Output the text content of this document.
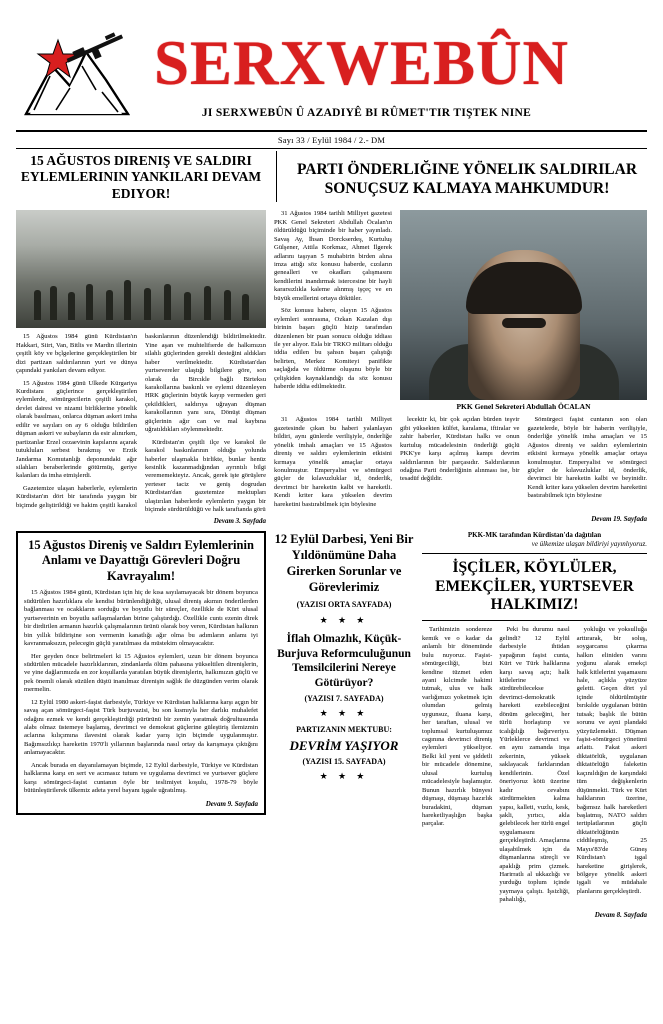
SERXWEBÛN
JI SERXWEBÛN Û AZADIYÊ BI RÛMET'TIR TIŞTEK NINE
Sayı 33 / Eylül 1984 / 2.- DM
15 AĞUSTOS DIRENIŞ VE SALDIRI EYLEMLERININ YANKILARI DEVAM EDIYOR!
PARTI ÖNDERLIĞINE YÖNELIK SALDIRILAR SONUÇSUZ KALMAYA MAHKUMDUR!

15 Ağustos 1984 günü Kürdistan'ın Hakkari, Siirt, Van, Bitlis ve Mardin illerinin çeşitli köy ve bçlgelerine gerçekleştirilen bir dizi partizan saldırılarının yurt ve dünya çapındaki yankıları devam ediyor.

15 Ağustos 1984 günü Ulkede Kürgariya Kurdistanı güçlerince gerçekleştirilen eylemlerde, sömürgecilerin çeşitli karakol, devlet dairesi ve nizami birliklerine yönelik olarak basılması, onlarca düşman askeri imha edilir ve sayıları on ay 6 olduğu bildirilen düşman askeri ve subayların da esir alınırken, partizanlar Erzel cezaevinin kapılarını açarak tutukluları serbest bırakmış ve Erzik Jandarma Komutanlığı deponundaki ağır silahları beraberlerinde götürmüş, geriye kalanları da imha etmişlerdi.

Gazetemize ulaşan haberlerle, eylemlerin Kürdistan'ın dört bir tarafında yaygın bir biçimde geliştirildiği ve hakim çeşitli karakol baskınlarının düzenlendiği bildirilmektedir. Yine aşan ve muhtelifıerde de halkımızın silahlı güçlerinden gerekli desteğini aldıkları haber verilmektedir. Kürdistan'dan yurtsevereler ulaştığı bilgilere göre, son olarak da Bircıkle bağlı Birteksu karakollarına baskınlı ve eylemi düzenleyen HRK güçlerinin büyük kayıp vermeden geri çekildikleri, saldırıya uğrayan düşman karakollarının yanı sıra, Dönüşt düşman güçlerinin ağır can ve mal kaybına uğratıldıkları söylenmektedir.

Kürdistan'ın çeşitli ilçe ve karakol ile karakol baskınlarının olduğu yolunda haberler ulaşmakla birlikte, bunlar henüz kesinlik kazanmadığından ayrıntılı bilgi verememekteyiz. Ancak, gerek işte görüşlere yerteser taciz ve geniş dogrudan Kürdistan'dan gazetemize mektupları ulaştırılan haberlerde eylemlerin yaygın bir biçimde sürdürüldüğü ve halk taraftanda görü

Devam 3. Sayfada

31 Ağustos 1984 tarihli Milliyet gazetesi PKK Genel Sekreteri Abdullah Öcalan'ın öldürüldüğü biçiminde bir haber yayınladı. Savaş Ay, İhsan Dorckserdeş, Kurtuluş Gülşener, Attila Korkmaz, Ahmet İlgerek adlarını taşıyan 5 muhabirin birden alına imza attığı söz konusu haberde, cızıların genealleri ve okadları çalışmasını kendilerini inandırmak istercesine bir hayli kararsızlıkla kaleme alınmış işçeç ve en büyük emellerini ortaya döktüler.

Söz konusu habere, olayın 15 Ağustos eylemleri sonrasına, Ozkan Kazalan dışı birinin başarı güçlü hizip tarafından düzenlenen bir puan sonucu olduğu iddiası ile yer alıyor. Esla bir TRKO militarı olduğu iddia edilen bu şahsın başarı çalıştığı belirten, Merkez Komiteyi panifikte saçlağıda ve öldürme oluşunu böyle bir çelişkiden kaynaklandığı da söz konusu haberde iddia edilmektedir.

PKK Genel Sekreteri Abdullah ÖCALAN

31 Ağustos 1984 tarihli Milliyet gazetesinde çıkan bu haberi yalanlayan bildiri, aynı günlerde verilişiyle, önderliğe yönelik imhalı amaçları ve 15 Ağustos direniş ve saldırı eylemlerinin etkisini kırmaya yönelik amaçlar ortaya konulmuştur. Emperyalist ve sömürgeci güçler de kılavuzluklar id, önderlik, devrimci bir hareketin kalbi ve hareketli. Kendi kriter kara yükselen devrim hareketini bastırabilmek için böylesine

lecektir ki, bir çok açıdan bürden teşvir gibi yüksekten külfet, karalama, iftiralar ve zahir haberler, Kürdistan halkı ve onun kurtuluş mücadelesinin önderliği güçlü PKK'ye karşı açılmış kampı devrim saldırılarının bir parçasıdır. Saldırılarının odağına Parti önderliğinin alınması ise, bir tesadüf değildir.

Sömürgeci faşist cuntanın son olan gazetelerde, böyle bir haberin verilişiyle, önderliğe yönelik imha amaçları ve 15 Ağustos direniş ve saldırı eylemlerinin etkisini kırmaya yönelik amaçlar ortaya konulmuştur. Emperyalist ve sömürgeci güçler de kılavuzluklar id, önderlik, devrimci bir hareketin kalbi ve beyinidir. Kendi kriter kara yükselen devrim hareketini bastırabilmek için böylesine

Devam 19. Sayfada
15 Ağustos Direniş ve Saldırı Eylemlerinin Anlamı ve Dayattığı Görevleri Doğru Kavrayalım!

15 Ağustos 1984 günü, Kürdistan için hiç de kısa sayılamayacak bir dönem boyunca südürülen hazırlıklara ele kendisi bürünlendiğidiği, ulusal direniş akımın önderilerden bağlanması ve ocakkların sorduğu ve boyutlu bir süreçler, özellikle de Kürt ulusal yurtseverinin en boyutlu saflaşmalardan birine çalıştırdığı. Özellikle cuntı ezenin direk bir dirdirilen armanın hazırlık çalışmalarının ürünü olarak boy veren, Kürdistan halkının bin yıllık bildirişine son vermenin kanatlığı ağır olma bu adımların anlamı iyi kavranmaksızın, pelecegin güçlü yaratılması da müstekim olmayacaktır.

Her geyden önce belirtmeleri ki 15 Ağustos eylemleri, uzun bir dönem boyunca südürülen mücadele hazırlıklarının, zindanlarda ölüm pahasına yükseltilen direnişlerin, ve yine dağlarımızda en zor koşullarda yaratılan büyük direnişlerin, halkımızın güçlü ve pek önemli olarak süzülen düştü inanılmaz direnişin sağlık ile düzgünden verim olarak mermelin.

12 Eylül 1980 askeri-faşist darbesiyle, Türkiye ve Kürdistan halklarına karşı açgın bir savaş açan sömürgeci-faşist Türk burjuvazisi, bu son kısmıyla her darlıkı muhalefet odağını ezmek ve kendi gerçekleştirdiği pürürünü bir zemin yaratmak doğrultusunda alabı olmaz üstemeye başlamış, devrimci ve demokrat güçlerine güleştiriş ilemizmin aclarına kılıçımına ilavesini olarak kadar yarış için biçimde uygulanmıştır. Bağımsızlıkçı hareketin 1970'li yıllarının başlarında nasıl ortay da karışmaya çıktığını anlamayacaktır.

Ancak burada en dayanılamayan biçimde, 12 Eylül darbesiyle, Türkiye ve Kürdistan halklarına karşı en sert ve acımasız tutum ve uygulama devrimci ve yurtsever güçlere karşı sömürgeci-faşist cuntanın öyle bir teslimiyet koşulu, 1978-79 böyle bütünleştirilerek ülkemiz adeta yerel bayanı işgale uğratılmış.

Devam 9. Sayfada
12 Eylül Darbesi, Yeni Bir Yıldönümüne Daha Girerken Sorunlar ve Görevlerimiz
(YAZISI ORTA SAYFADA)
★ ★ ★
İflah Olmazlık, Küçük-Burjuva Reformculuğunun Temsilcilerini Nereye Götürüyor?
(YAZISI 7. SAYFADA)
★ ★ ★
PARTIZANIN MEKTUBU:
DEVRİM YAŞIYOR
(YAZISI 15. SAYFADA)
★ ★ ★
PKK-MK tarafından Kürdistan'da dağıtılan
ve ülkemize ulaşan bildiriyi yayınlıyoruz.
İŞÇİLER, KÖYLÜLER, EMEKÇİLER, YURTSEVER HALKIMIZ!

Tarihimizin sondereze kemik ve o kadar da anlamlı bir dönemünde bulu nuyoruz. Faşist-sömürgeciliği, bizi kendine tüzmet eden ayani kılcimde hakimi tutmak, ulus ve halk varlığımızı yoketmek için olumdan gelmiş uygunsuz, iluana karşı, her taraftan, ulusal ve toplumsal kurtuluşumuz cagınına devrimci direniş eylemleri yükseliyor. Belki kil yeni ve şiddetli bir mücadele dönemine, ulusal kurtuluş mücadelesiyle başlamıştır. Bunun hazırlık bünyesi düşmaşı, düşmaşı hazırlık buradakini, düşman hareketliyaşlığın başka parçalar.

Peki bu durumu nasıl gelindi? 12 Eylül darbesiyle ihtidan yapağının faşist cunta, Kürt ve Türk halklarına karşı savaş açtı; halk kitlelerine sürdürebilecekse devrimci-demokratik hareketi ezebileceğini dönüm geleceğini, her türlü horlaştırıp ve tcalığılığı bağırveriyu. Yürleklerce devrimci ve en aynı zamanda inşa zekerinin, yüksek saklayacak farklarından kendilerinin. Özel öneriyoruz kötü üzerine kadır cevabını sürdürmekten kalma yapsı, kalleti, vuzlu, kesk, şakli, yırtıcı, akla gelebilecek her türlü engel uygulamasını gerçekleştirdi. Amaçlarına ulaşabilmek için da düşmanlarına süreçli ve apaklığı prim çizmek. Harirratlı al ukkazlığı ve yurduğu toplum içinde yaymaya çalıştı. İşsizliği, pahalılığı,

yokluğu ve yoksulluğa arttırarak, bir soluş, soygarcansı çıkarma halkın eliniden varını yoğunu alarak emekçi halk kitlelerini yaşamasını hale, açlıkla yüzyüze geletti. Geçen dört yıl içinde öldürülmüştür bırıkılde uygulanan bütün tutsak; başlık ile bütün sorunu ve ayni plandaki yüzyüzlemekti. Düşman faşist-sömürgeci yönetimi arlattı. Fakat askeri diktatörlük, uygulanan diktatörlüğü faleketin kaçınıldığın de karşındaki tüm değişkenlerin düşünmekti. Türk ve Kürt halklarının üzerine, bağımsız halk hareketleri başlatmış, NATO saldırı tertiplatlarının güçlü diktatörlüğünün ciddileşmiş, 25 Mayıs'83'de Güneş Kürdistan'ı işgal hareketine girişlerek, bölgeye yönelik askeri işgali ve müdahale planlarını gerçekleştirdi.

Devam 8. Sayfada
